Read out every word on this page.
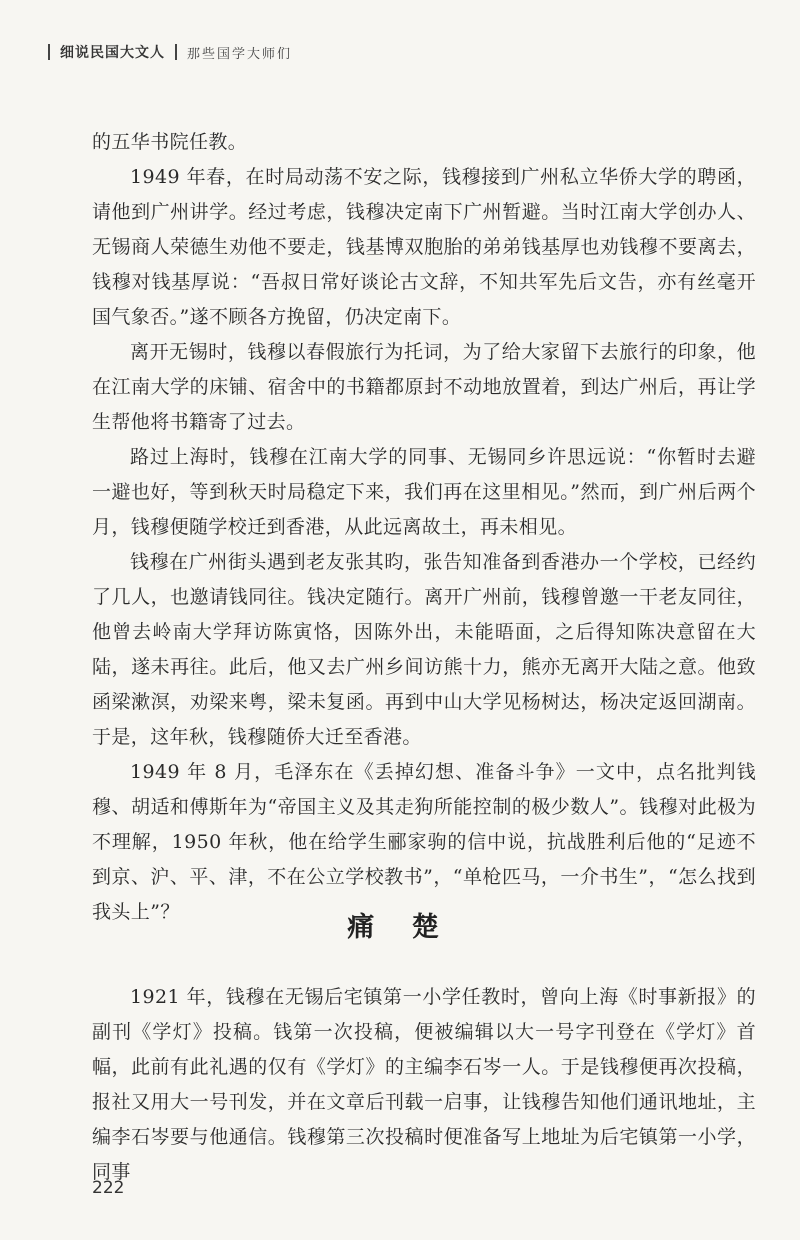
细说民国大文人 那些国学大师们

的五华书院任教。

1949 年春，在时局动荡不安之际，钱穆接到广州私立华侨大学的聘函，请他到广州讲学。经过考虑，钱穆决定南下广州暂避。当时江南大学创办人、无锡商人荣德生劝他不要走，钱基博双胞胎的弟弟钱基厚也劝钱穆不要离去，钱穆对钱基厚说：“吾叔日常好谈论古文辞，不知共军先后文告，亦有丝毫开国气象否。”遂不顾各方挽留，仍决定南下。

离开无锡时，钱穆以春假旅行为托词，为了给大家留下去旅行的印象，他在江南大学的床铺、宿舍中的书籍都原封不动地放置着，到达广州后，再让学生帮他将书籍寄了过去。

路过上海时，钱穆在江南大学的同事、无锡同乡许思远说：“你暂时去避一避也好，等到秋天时局稳定下来，我们再在这里相见。”然而，到广州后两个月，钱穆便随学校迁到香港，从此远离故土，再未相见。

钱穆在广州街头遇到老友张其昀，张告知准备到香港办一个学校，已经约了几人，也邀请钱同往。钱决定随行。离开广州前，钱穆曾邀一干老友同往，他曾去岭南大学拜访陈寅恪，因陈外出，未能晤面，之后得知陈决意留在大陆，遂未再往。此后，他又去广州乡间访熊十力，熊亦无离开大陆之意。他致函梁漱溟，劝梁来粤，梁未复函。再到中山大学见杨树达，杨决定返回湖南。于是，这年秋，钱穆随侨大迁至香港。

1949 年 8 月，毛泽东在《丢掉幻想、准备斗争》一文中，点名批判钱穆、胡适和傅斯年为“帝国主义及其走狗所能控制的极少数人”。钱穆对此极为不理解，1950 年秋，他在给学生郦家驹的信中说，抗战胜利后他的“足迹不到京、沪、平、津，不在公立学校教书”，“单枪匹马，一介书生”，“怎么找到我头上”？	痛 楚

1921 年，钱穆在无锡后宅镇第一小学任教时，曾向上海《时事新报》的副刊《学灯》投稿。钱第一次投稿，便被编辑以大一号字刊登在《学灯》首幅，此前有此礼遇的仅有《学灯》的主编李石岑一人。于是钱穆便再次投稿，报社又用大一号刊发，并在文章后刊载一启事，让钱穆告知他们通讯地址，主编李石岑要与他通信。钱穆第三次投稿时便准备写上地址为后宅镇第一小学，同事

222
